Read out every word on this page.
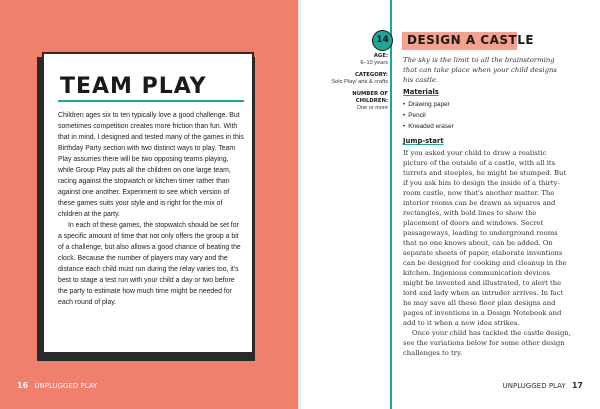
TEAM PLAY

Children ages six to ten typically love a good challenge. But sometimes competition creates more friction than fun. With that in mind, I designed and tested many of the games in this Birthday Party section with two distinct ways to play. Team Play assumes there will be two opposing teams playing, while Group Play puts all the children on one large team, racing against the stopwatch or kitchen timer rather than against one another. Experiment to see which version of these games suits your style and is right for the mix of children at the party.

In each of these games, the stopwatch should be set for a specific amount of time that not only offers the group a bit of a challenge, but also allows a good chance of beating the clock. Because the number of players may vary and the distance each child must run during the relay varies too, it's best to stage a test run with your child a day or two before the party to estimate how much time might be needed for each round of play.

16 UNPLUGGED PLAY
14	DESIGN A CASTLE
AGE:
6–10 years
CATEGORY:
Solo Play/ arts & crafts
NUMBER OF CHILDREN:
One or more

The sky is the limit to all the brainstorming that can take place when your child designs his castle.

Materials
• Drawing paper
• Pencil
• Kneaded eraser
Jump-start

If you asked your child to draw a realistic picture of the outside of a castle, with all its turrets and steeples, he might be stumped. But if you ask him to design the inside of a thirty-room castle, now that's another matter. The interior rooms can be drawn as squares and rectangles, with bold lines to show the placement of doors and windows. Secret passageways, leading to underground rooms that no one knows about, can be added. On separate sheets of paper, elaborate inventions can be designed for cooking and cleanup in the kitchen. Ingenious communication devices might be invented and illustrated, to alert the lord and lady when an intruder arrives. In fact he may save all these floor plan designs and pages of inventions in a Design Notebook and add to it when a new idea strikes.

Once your child has tackled the castle design, see the variations below for some other design challenges to try.

UNPLUGGED PLAY 17
